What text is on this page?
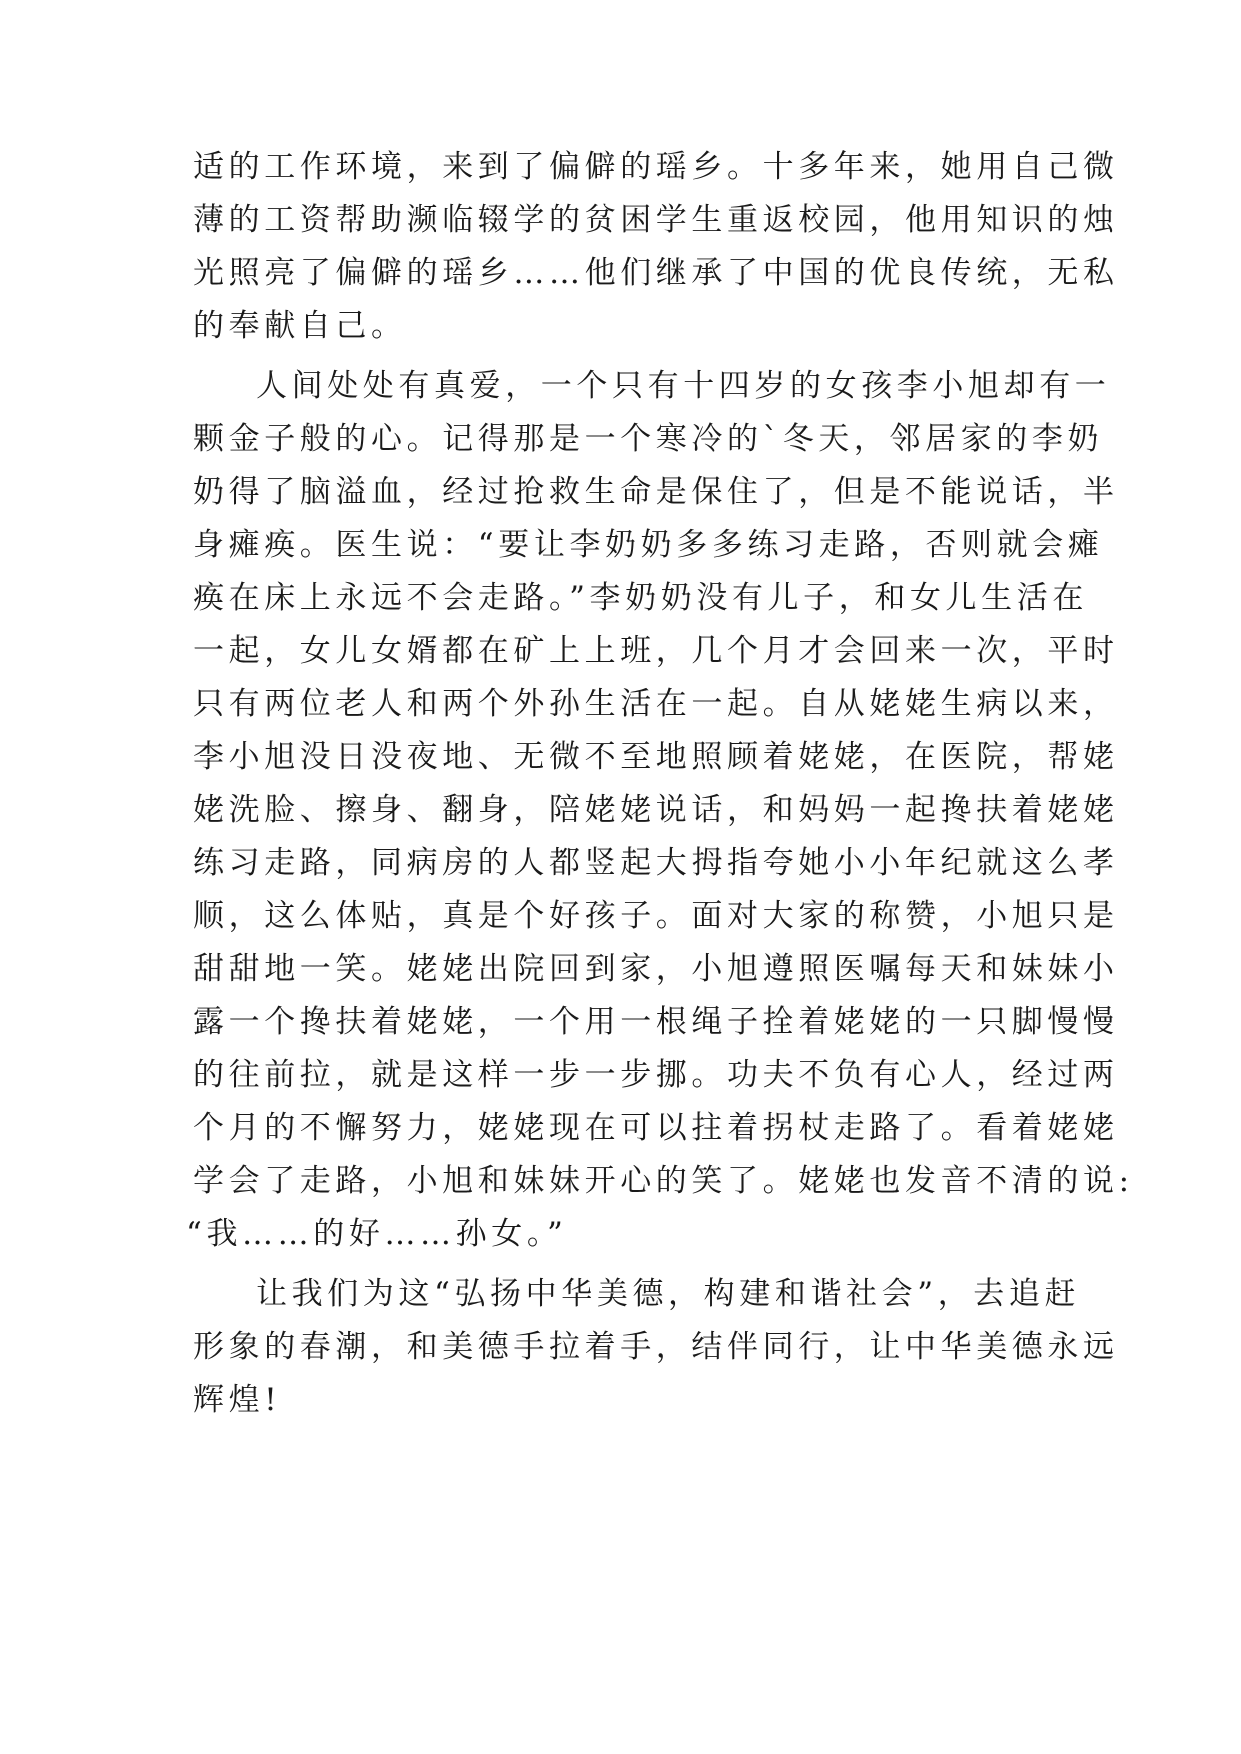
适的工作环境，来到了偏僻的瑶乡。十多年来，她用自己微
薄的工资帮助濒临辍学的贫困学生重返校园，他用知识的烛
光照亮了偏僻的瑶乡……他们继承了中国的优良传统，无私
的奉献自己。
人间处处有真爱，一个只有十四岁的女孩李小旭却有一
颗金子般的心。记得那是一个寒冷的`冬天，邻居家的李奶
奶得了脑溢血，经过抢救生命是保住了，但是不能说话，半
身瘫痪。医生说：“要让李奶奶多多练习走路，否则就会瘫
痪在床上永远不会走路。”李奶奶没有儿子，和女儿生活在
一起，女儿女婿都在矿上上班，几个月才会回来一次，平时
只有两位老人和两个外孙生活在一起。自从姥姥生病以来，
李小旭没日没夜地、无微不至地照顾着姥姥，在医院，帮姥
姥洗脸、擦身、翻身，陪姥姥说话，和妈妈一起搀扶着姥姥
练习走路，同病房的人都竖起大拇指夸她小小年纪就这么孝
顺，这么体贴，真是个好孩子。面对大家的称赞，小旭只是
甜甜地一笑。姥姥出院回到家，小旭遵照医嘱每天和妹妹小
露一个搀扶着姥姥，一个用一根绳子拴着姥姥的一只脚慢慢
的往前拉，就是这样一步一步挪。功夫不负有心人，经过两
个月的不懈努力，姥姥现在可以拄着拐杖走路了。看着姥姥
学会了走路，小旭和妹妹开心的笑了。姥姥也发音不清的说:
“我……的好……孙女。”
让我们为这“弘扬中华美德，构建和谐社会”，去追赶
形象的春潮，和美德手拉着手，结伴同行，让中华美德永远
辉煌!
